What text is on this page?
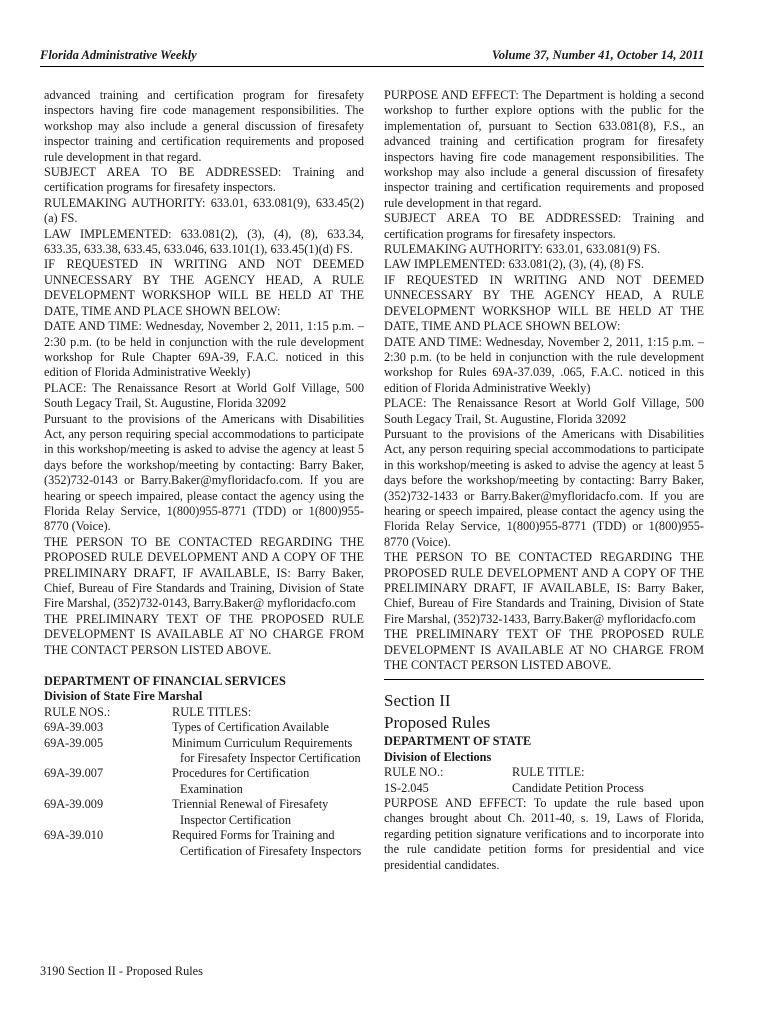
Florida Administrative Weekly	Volume 37, Number 41, October 14, 2011

advanced training and certification program for firesafety inspectors having fire code management responsibilities. The workshop may also include a general discussion of firesafety inspector training and certification requirements and proposed rule development in that regard.

SUBJECT AREA TO BE ADDRESSED: Training and certification programs for firesafety inspectors.

RULEMAKING AUTHORITY: 633.01, 633.081(9), 633.45(2)(a) FS.

LAW IMPLEMENTED: 633.081(2), (3), (4), (8), 633.34, 633.35, 633.38, 633.45, 633.046, 633.101(1), 633.45(1)(d) FS.

IF REQUESTED IN WRITING AND NOT DEEMED UNNECESSARY BY THE AGENCY HEAD, A RULE DEVELOPMENT WORKSHOP WILL BE HELD AT THE DATE, TIME AND PLACE SHOWN BELOW:

DATE AND TIME: Wednesday, November 2, 2011, 1:15 p.m. – 2:30 p.m. (to be held in conjunction with the rule development workshop for Rule Chapter 69A-39, F.A.C. noticed in this edition of Florida Administrative Weekly)

PLACE: The Renaissance Resort at World Golf Village, 500 South Legacy Trail, St. Augustine, Florida 32092

Pursuant to the provisions of the Americans with Disabilities Act, any person requiring special accommodations to participate in this workshop/meeting is asked to advise the agency at least 5 days before the workshop/meeting by contacting: Barry Baker, (352)732-0143 or Barry.Baker@myfloridacfo.com. If you are hearing or speech impaired, please contact the agency using the Florida Relay Service, 1(800)955-8771 (TDD) or 1(800)955-8770 (Voice).

THE PERSON TO BE CONTACTED REGARDING THE PROPOSED RULE DEVELOPMENT AND A COPY OF THE PRELIMINARY DRAFT, IF AVAILABLE, IS: Barry Baker, Chief, Bureau of Fire Standards and Training, Division of State Fire Marshal, (352)732-0143, Barry.Baker@ myfloridacfo.com

THE PRELIMINARY TEXT OF THE PROPOSED RULE DEVELOPMENT IS AVAILABLE AT NO CHARGE FROM THE CONTACT PERSON LISTED ABOVE.

DEPARTMENT OF FINANCIAL SERVICES

Division of State Fire Marshal

RULE NOS.:	RULE TITLES:
69A-39.003	Types of Certification Available

69A-39.005	Minimum Curriculum Requirements
for Firesafety Inspector Certification

69A-39.007	Procedures for Certification
Examination

69A-39.009	Triennial Renewal of Firesafety
Inspector Certification

69A-39.010	Required Forms for Training and
Certification of Firesafety Inspectors

PURPOSE AND EFFECT: The Department is holding a second workshop to further explore options with the public for the implementation of, pursuant to Section 633.081(8), F.S., an advanced training and certification program for firesafety inspectors having fire code management responsibilities. The workshop may also include a general discussion of firesafety inspector training and certification requirements and proposed rule development in that regard.

SUBJECT AREA TO BE ADDRESSED: Training and certification programs for firesafety inspectors.

RULEMAKING AUTHORITY: 633.01, 633.081(9) FS.

LAW IMPLEMENTED: 633.081(2), (3), (4), (8) FS.

IF REQUESTED IN WRITING AND NOT DEEMED UNNECESSARY BY THE AGENCY HEAD, A RULE DEVELOPMENT WORKSHOP WILL BE HELD AT THE DATE, TIME AND PLACE SHOWN BELOW:

DATE AND TIME: Wednesday, November 2, 2011, 1:15 p.m. – 2:30 p.m. (to be held in conjunction with the rule development workshop for Rules 69A-37.039, .065, F.A.C. noticed in this edition of Florida Administrative Weekly)

PLACE: The Renaissance Resort at World Golf Village, 500 South Legacy Trail, St. Augustine, Florida 32092

Pursuant to the provisions of the Americans with Disabilities Act, any person requiring special accommodations to participate in this workshop/meeting is asked to advise the agency at least 5 days before the workshop/meeting by contacting: Barry Baker, (352)732-1433 or Barry.Baker@myfloridacfo.com. If you are hearing or speech impaired, please contact the agency using the Florida Relay Service, 1(800)955-8771 (TDD) or 1(800)955-8770 (Voice).

THE PERSON TO BE CONTACTED REGARDING THE PROPOSED RULE DEVELOPMENT AND A COPY OF THE PRELIMINARY DRAFT, IF AVAILABLE, IS: Barry Baker, Chief, Bureau of Fire Standards and Training, Division of State Fire Marshal, (352)732-1433, Barry.Baker@ myfloridacfo.com

THE PRELIMINARY TEXT OF THE PROPOSED RULE DEVELOPMENT IS AVAILABLE AT NO CHARGE FROM THE CONTACT PERSON LISTED ABOVE.

Section II

Proposed Rules

DEPARTMENT OF STATE

Division of Elections

RULE NO.:	RULE TITLE:
1S-2.045	Candidate Petition Process

PURPOSE AND EFFECT: To update the rule based upon changes brought about Ch. 2011-40, s. 19, Laws of Florida, regarding petition signature verifications and to incorporate into the rule candidate petition forms for presidential and vice presidential candidates.

3190 Section II - Proposed Rules
